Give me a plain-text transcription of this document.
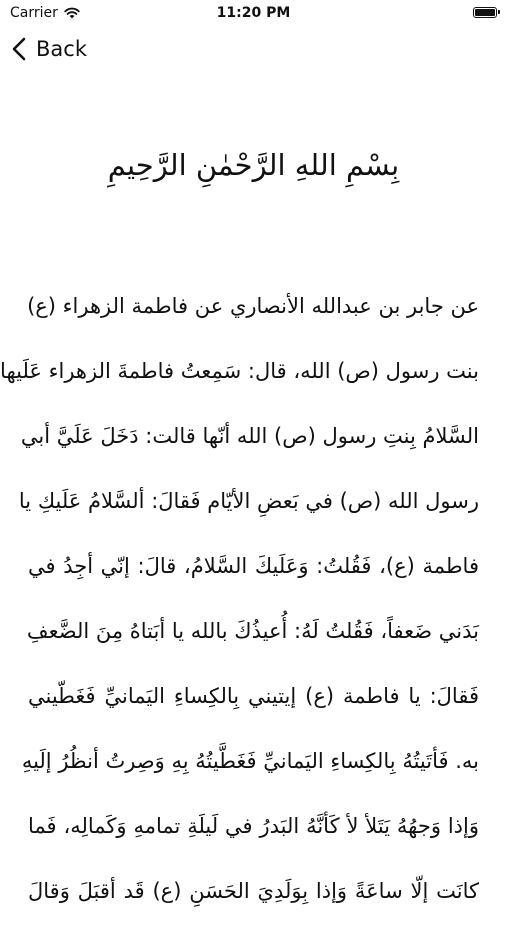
Carrier	11:20 PM
Back
بِسْمِ اللهِ الرَّحْمٰنِ الرَّحِيمِ
عن جابر بن عبدالله الأنصاري عن فاطمة الزهراء (ع)
بنت رسول (ص) الله، قال: سَمِعتُ فاطمةَ الزهراء عَلَيها
السَّلامُ بِنتِ رسول (ص) الله أنّها قالت: دَخَلَ عَلَيَّ أبي
رسول الله (ص) في بَعضِ الأيّام فَقالَ: ألسَّلامُ عَلَيكِ يا
فاطمة (ع)، فَقُلتُ: وَعَلَيكَ السَّلامُ، قالَ: إنّي أجِدُ في
بَدَني ضَعفاً، فَقُلتُ لَهُ: أُعيذُكَ بالله يا أبَتاهُ مِنَ الضَّعفِ
فَقالَ: يا فاطمة (ع) إيتيني بِالكِساءِ اليَمانيِّ فَغَطّيني
به. فَأتَيتُهُ بِالكِساءِ اليَمانيِّ فَغَطَّيتُهُ بِهِ وَصِرتُ أنظُرُ إلَيهِ
وَإذا وَجهُهُ يَتَلأ لأ كَأنَّهُ البَدرُ في لَيلَةِ تمامهِ وَكَمالِه، فَما
كانَت إلّا ساعَةً وَإذا بِوَلَدِيَ الحَسَنِ (ع) قَد أقبَلَ وَقالَ
